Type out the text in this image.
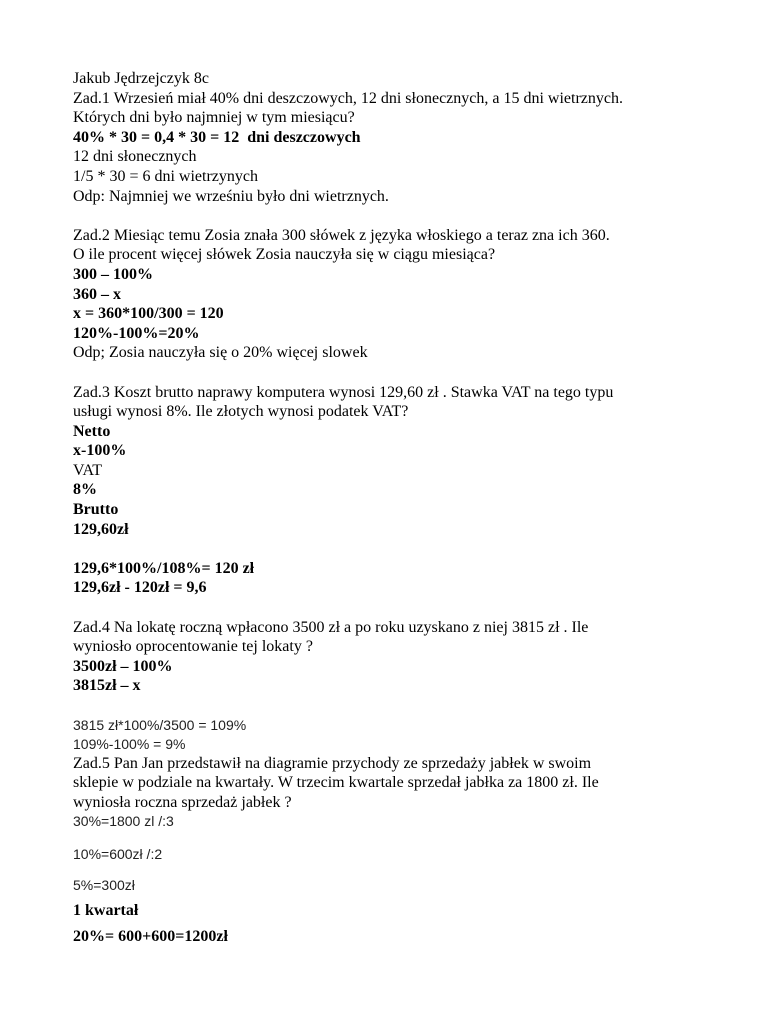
Jakub Jędrzejczyk 8c
Zad.1 Wrzesień miał 40% dni deszczowych, 12 dni słonecznych, a 15 dni wietrznych.
Których dni było najmniej w tym miesiącu?
40% * 30 = 0,4 * 30 = 12  dni deszczowych
12 dni słonecznych
1/5 * 30 = 6 dni wietrzynych
Odp: Najmniej we wrześniu było dni wietrznych.
Zad.2 Miesiąc temu Zosia znała 300 słówek z języka włoskiego a teraz zna ich 360.
O ile procent więcej słówek Zosia nauczyła się w ciągu miesiąca?
300 – 100%
360 – x
x = 360*100/300 = 120
120%-100%=20%
Odp; Zosia nauczyła się o 20% więcej slowek
Zad.3 Koszt brutto naprawy komputera wynosi 129,60 zł . Stawka VAT na tego typu
usługi wynosi 8%. Ile złotych wynosi podatek VAT?
Netto
x-100%
VAT
8%
Brutto
129,60zł
129,6*100%/108%= 120 zł
129,6zł - 120zł = 9,6
Zad.4 Na lokatę roczną wpłacono 3500 zł a po roku uzyskano z niej 3815 zł . Ile
wyniosło oprocentowanie tej lokaty ?
3500zł – 100%
3815zł – x
3815 zł*100%/3500 = 109%
109%-100% = 9%
Zad.5 Pan Jan przedstawił na diagramie przychody ze sprzedaży jabłek w swoim
sklepie w podziale na kwartały. W trzecim kwartale sprzedał jabłka za 1800 zł. Ile
wyniosła roczna sprzedaż jabłek ?
30%=1800 zl /:3
10%=600zł /:2
5%=300zł
1 kwartał
20%= 600+600=1200zł
